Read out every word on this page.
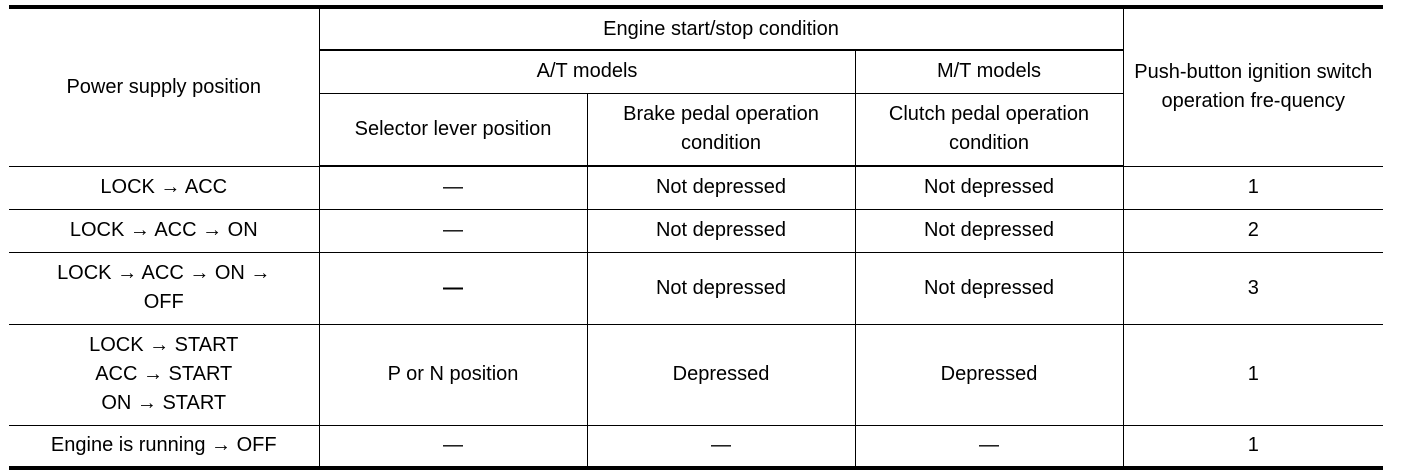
Power supply position	Engine start/stop condition			Push-button ignition switch operation fre-quency
	A/T models		M/T models	
	Selector lever position	Brake pedal operation condition	Clutch pedal operation condition	

LOCK → ACC	—	Not depressed	Not depressed	1

LOCK → ACC → ON	—	Not depressed	Not depressed	2

LOCK → ACC → ON →
OFF	—	Not depressed	Not depressed	3

LOCK → START
ACC → START
ON → START	P or N position	Depressed	Depressed	1

Engine is running → OFF	—	—	—	1
